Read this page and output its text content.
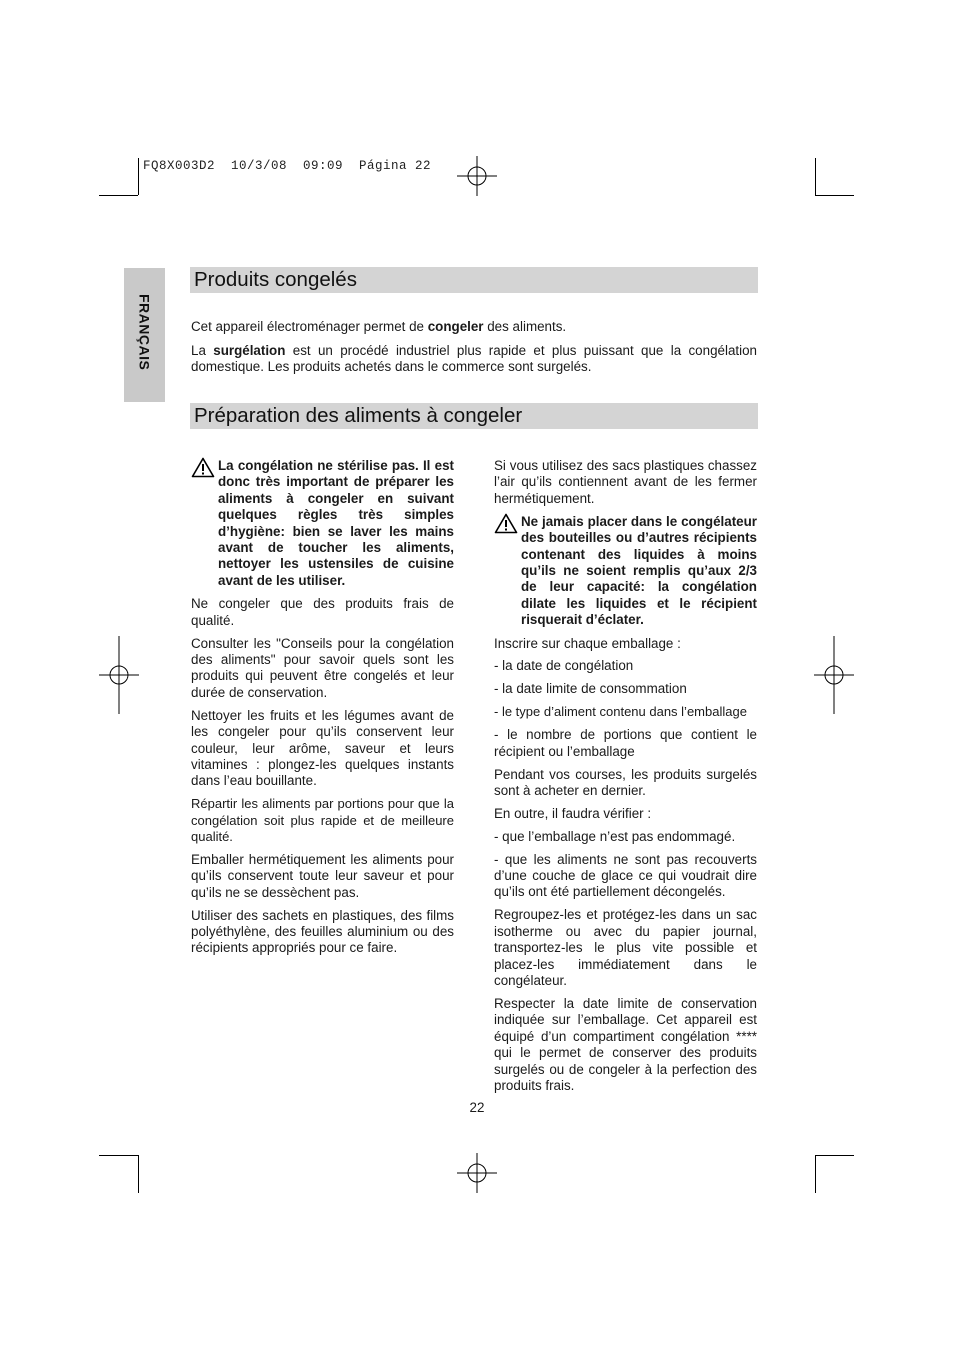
FQ8X003D2  10/3/08  09:09  Página 22
FRANÇAIS
Produits congelés

Cet appareil électroménager permet de congeler des aliments.

La surgélation est un procédé industriel plus rapide et plus puissant que la congélation domestique. Les produits achetés dans le commerce sont surgelés.

Préparation des aliments à congeler

La congélation ne stérilise pas. Il est donc très important de préparer les aliments à congeler en suivant quelques règles très simples d’hygiène: bien se laver les mains avant de toucher les aliments, nettoyer les ustensiles de cuisine avant de les utiliser.

Ne congeler que des produits frais de qualité.

Consulter les "Conseils pour la congélation des aliments" pour savoir quels sont les produits qui peuvent être congelés et leur durée de conservation.

Nettoyer les fruits et les légumes avant de les congeler pour qu’ils conservent leur couleur, leur arôme, saveur et leurs vitamines : plongez-les quelques instants dans l’eau bouillante.

Répartir les aliments par portions pour que la congélation soit plus rapide et de meilleure qualité.

Emballer hermétiquement les aliments pour qu’ils conservent toute leur saveur et pour qu’ils ne se dessèchent pas.

Utiliser des sachets en plastiques, des films polyéthylène, des feuilles aluminium ou des récipients appropriés pour ce faire.

Si vous utilisez des sacs plastiques chassez l’air qu’ils contiennent avant de les fermer hermétiquement.

Ne jamais placer dans le congélateur des bouteilles ou d’autres récipients contenant des liquides à moins qu’ils ne soient remplis qu’aux 2/3 de leur capacité: la congélation dilate les liquides et le récipient risquerait d’éclater.

Inscrire sur chaque emballage :

- la date de congélation

- la date limite de consommation

- le type d’aliment contenu dans l’emballage

- le nombre de portions que contient le récipient ou l’emballage

Pendant vos courses, les produits surgelés sont à acheter en dernier.

En outre, il faudra vérifier :

- que l’emballage n’est pas endommagé.

- que les aliments ne sont pas recouverts d’une couche de glace ce qui voudrait dire qu’ils ont été partiellement décongelés.

Regroupez-les et protégez-les dans un sac isotherme ou avec du papier journal, transportez-les le plus vite possible et placez-les immédiatement dans le congélateur.

Respecter la date limite de conservation indiquée sur l’emballage. Cet appareil est équipé d’un compartiment congélation **** qui le permet de conserver des produits surgelés ou de congeler à la perfection des produits frais.

22
